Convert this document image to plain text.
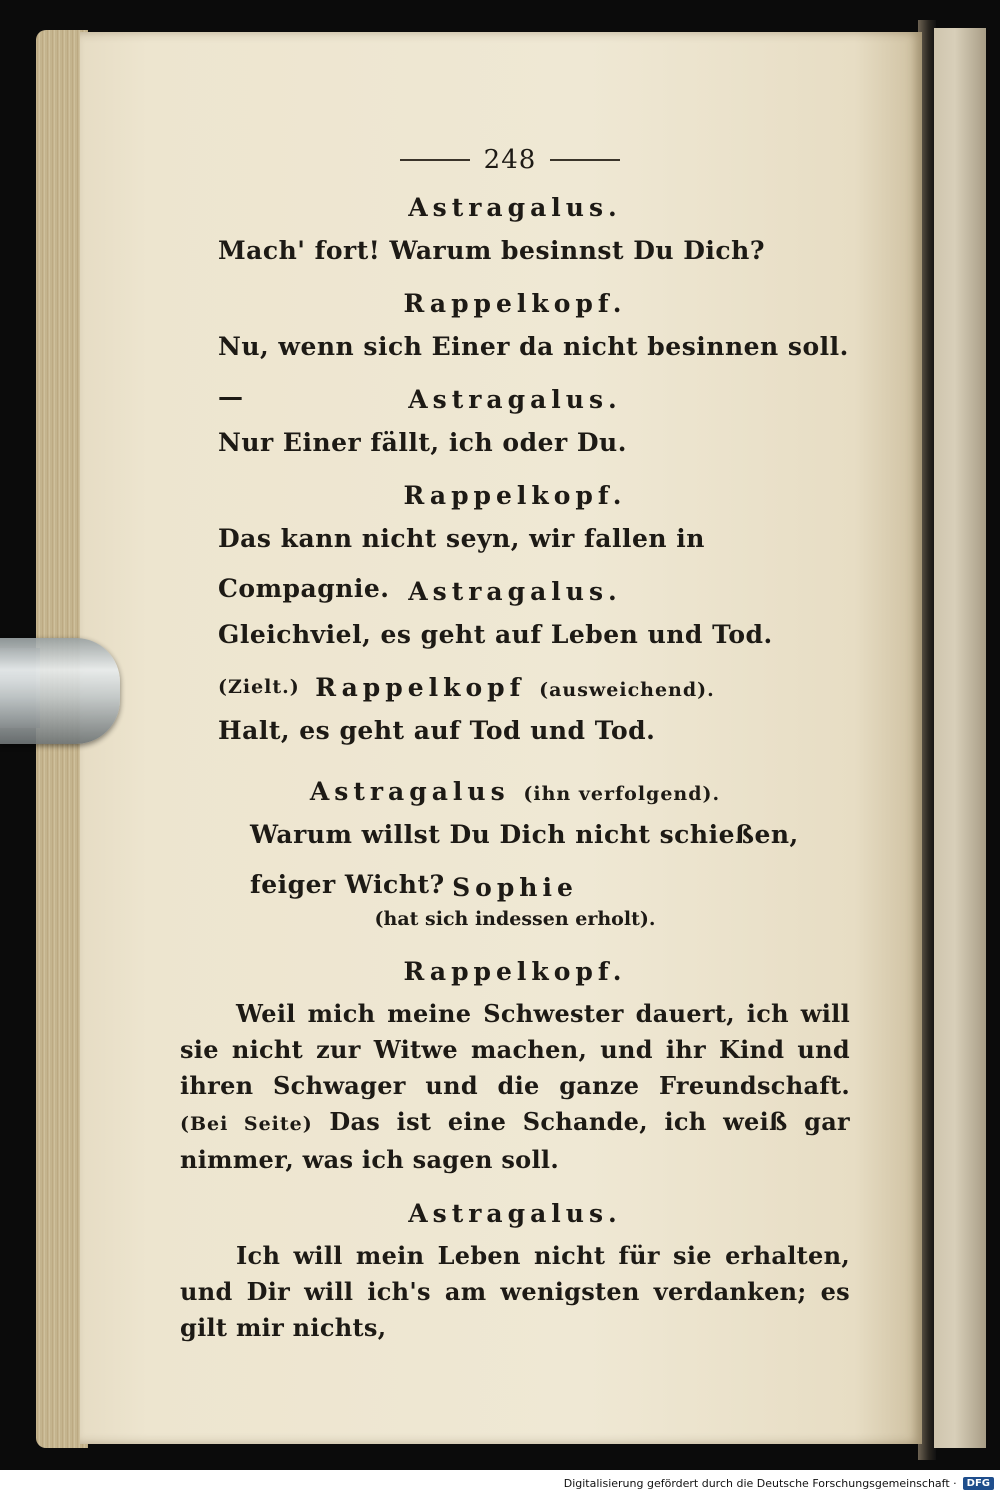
248
Astragalus.
Mach' fort! Warum besinnst Du Dich?
Rappelkopf.
Nu, wenn sich Einer da nicht besinnen soll. —	Astragalus.
Nur Einer fällt, ich oder Du.
Rappelkopf.
Das kann nicht seyn, wir fallen in Compagnie. Astragalus.
Gleichviel, es geht auf Leben und Tod. (Zielt.) Rappelkopf (ausweichend).
Halt, es geht auf Tod und Tod.
Astragalus (ihn verfolgend).
Warum willst Du Dich nicht schießen, feiger Wicht? Sophie
(hat sich indessen erholt).
Rappelkopf.
Weil mich meine Schwester dauert, ich will sie nicht zur Witwe machen, und ihr Kind und ihren Schwager und die ganze Freundschaft. (Bei Seite) Das ist eine Schande, ich weiß gar nimmer, was ich sagen soll.
Astragalus.
Ich will mein Leben nicht für sie erhalten, und Dir will ich's am wenigsten verdanken; es gilt mir nichts,
Digitalisierung gefördert durch die Deutsche Forschungsgemeinschaft ·	DFG
